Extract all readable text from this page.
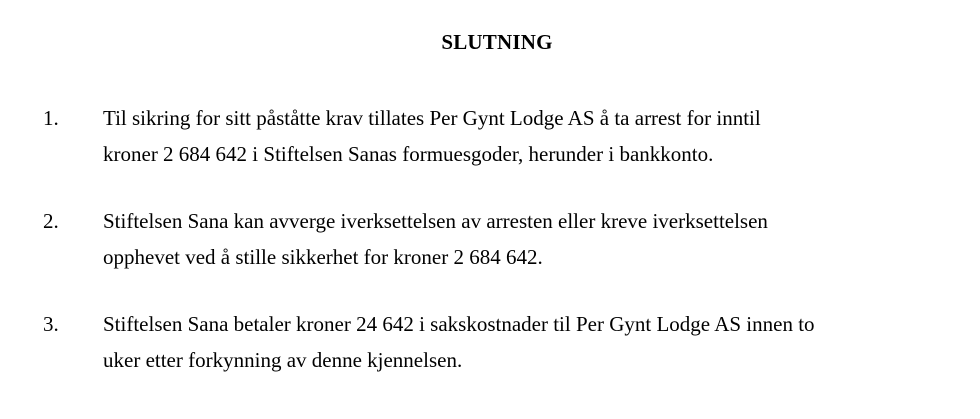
SLUTNING
1. Til sikring for sitt påståtte krav tillates Per Gynt Lodge AS å ta arrest for inntil
kroner 2 684 642 i Stiftelsen Sanas formuesgoder, herunder i bankkonto.
2. Stiftelsen Sana kan avverge iverksettelsen av arresten eller kreve iverksettelsen
opphevet ved å stille sikkerhet for kroner 2 684 642.
3. Stiftelsen Sana betaler kroner 24 642 i sakskostnader til Per Gynt Lodge AS innen to
uker etter forkynning av denne kjennelsen.
